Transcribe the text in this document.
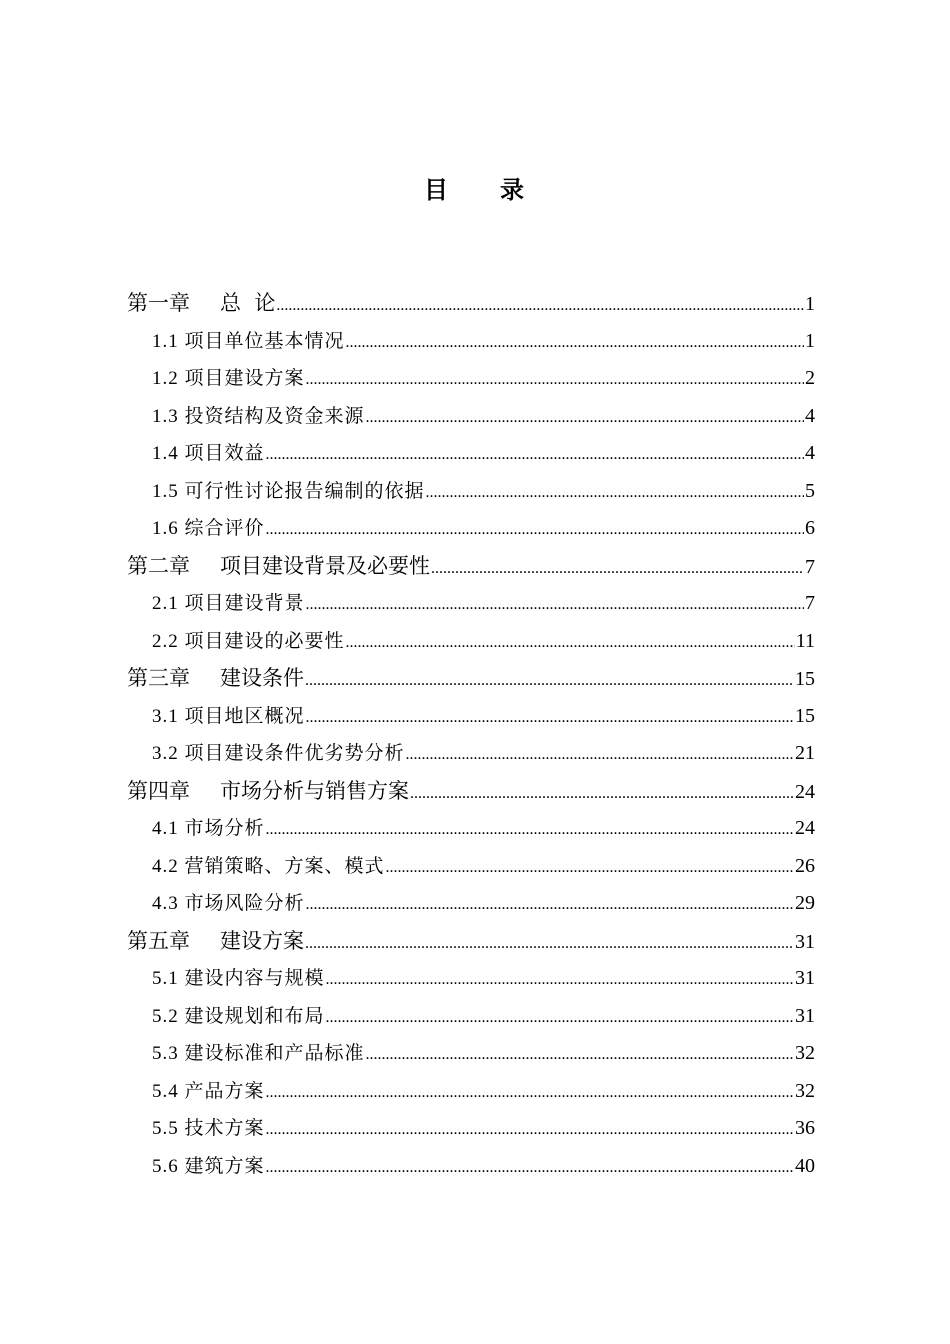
目 录
第一章 总  论 .....	1
1.1 项目单位基本情况 .....	1
1.2 项目建设方案 .....	2
1.3 投资结构及资金来源 .....	4
1.4 项目效益 .....	4
1.5 可行性讨论报告编制的依据 .....	5
1.6 综合评价 .....	6
第二章 项目建设背景及必要性 .....	7
2.1 项目建设背景 .....	7
2.2 项目建设的必要性 .....	11
第三章 建设条件 .....	15
3.1 项目地区概况 .....	15
3.2 项目建设条件优劣势分析 .....	21
第四章 市场分析与销售方案 .....	24
4.1 市场分析 .....	24
4.2 营销策略、方案、模式 .....	26
4.3 市场风险分析 .....	29
第五章 建设方案 .....	31
5.1 建设内容与规模 .....	31
5.2 建设规划和布局 .....	31
5.3 建设标准和产品标准 .....	32
5.4 产品方案 .....	32
5.5 技术方案 .....	36
5.6 建筑方案 .....	40
